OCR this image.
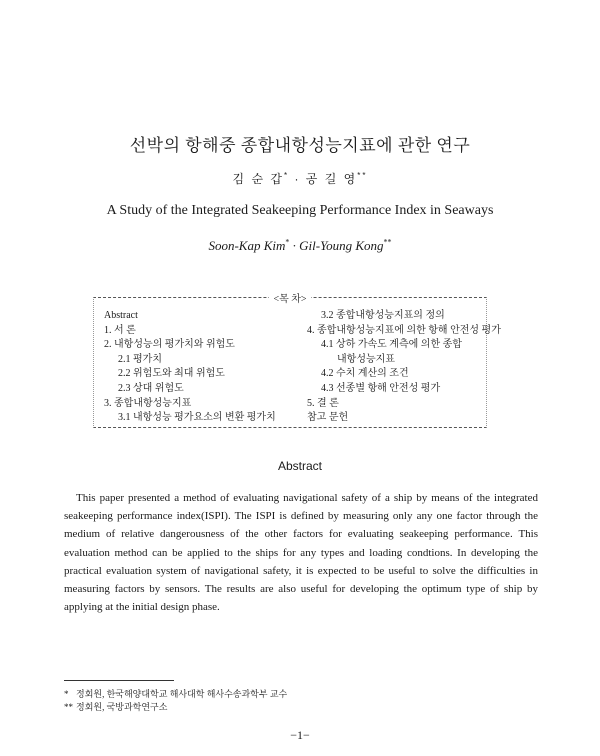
선박의 항해중 종합내항성능지표에 관한 연구
김 순 갑* · 공 길 영**
A Study of the Integrated Seakeeping Performance Index in Seaways
Soon-Kap Kim* · Gil-Young Kong**
<목 차>
Abstract
1. 서 론
2. 내항성능의 평가치와 위험도
2.1 평가치
2.2 위험도와 최대 위험도
2.3 상대 위험도
3. 종합내항성능지표
3.1 내항성능 평가요소의 변환 평가치
3.2 종합내항성능지표의 정의
4. 종합내항성능지표에 의한 항해 안전성 평가
4.1 상하 가속도 계측에 의한 종합
내항성능지표
4.2 수치 계산의 조건
4.3 선종별 항해 안전성 평가
5. 결 론
참고 문헌
Abstract

This paper presented a method of evaluating navigational safety of a ship by means of the integrated seakeeping performance index(ISPI). The ISPI is defined by measuring only any one factor through the medium of relative dangerousness of the other factors for evaluating seakeeping performance. This evaluation method can be applied to the ships for any types and loading condtions. In developing the practical evaluation system of navigational safety, it is expected to be useful to solve the difficulties in measuring factors by sensors. The results are also useful for developing the optimum type of ship by applying at the initial design phase.

* 정회원, 한국해양대학교 해사대학 해사수송과학부 교수
** 정회원, 국방과학연구소
−1−
